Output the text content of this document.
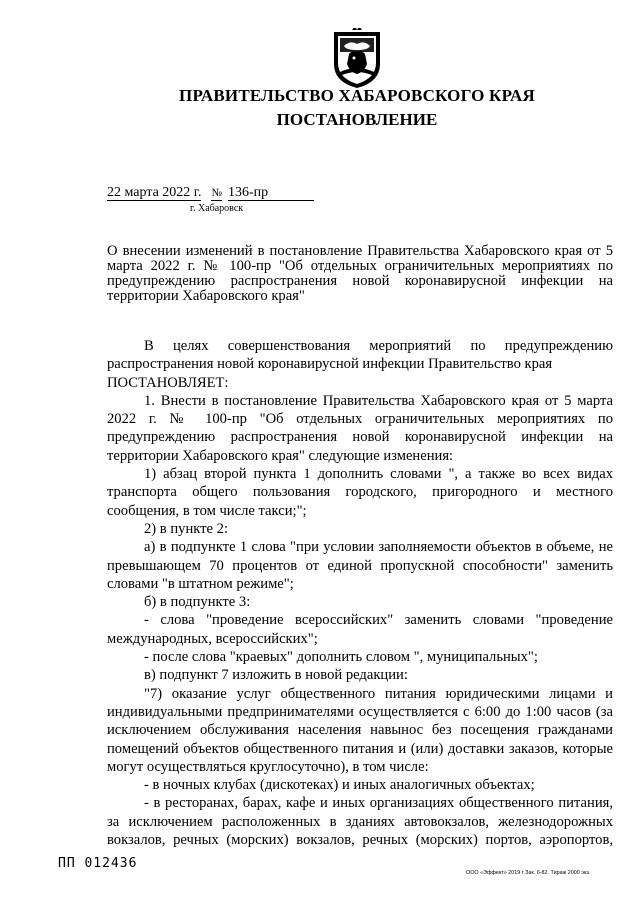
ПРАВИТЕЛЬСТВО ХАБАРОВСКОГО КРАЯ
ПОСТАНОВЛЕНИЕ
22 марта 2022 г. № 136-пр
г. Хабаровск
О внесении изменений в постановление Правительства Хабаровского края от 5 марта 2022 г. № 100-пр "Об отдельных ограничительных мероприятиях по предупреждению распространения новой коронавирусной инфекции на территории Хабаровского края"

В целях совершенствования мероприятий по предупреждению распространения новой коронавирусной инфекции Правительство края

ПОСТАНОВЛЯЕТ:

1. Внести в постановление Правительства Хабаровского края от 5 марта 2022 г. № 100-пр "Об отдельных ограничительных мероприятиях по предупреждению распространения новой коронавирусной инфекции на территории Хабаровского края" следующие изменения:

1) абзац второй пункта 1 дополнить словами ", а также во всех видах транспорта общего пользования городского, пригородного и местного сообщения, в том числе такси;";

2) в пункте 2:

а) в подпункте 1 слова "при условии заполняемости объектов в объеме, не превышающем 70 процентов от единой пропускной способности" заменить словами "в штатном режиме";

б) в подпункте 3:

- слова "проведение всероссийских" заменить словами "проведение международных, всероссийских";

- после слова "краевых" дополнить словом ", муниципальных";

в) подпункт 7 изложить в новой редакции:

"7) оказание услуг общественного питания юридическими лицами и индивидуальными предпринимателями осуществляется с 6:00 до 1:00 часов (за исключением обслуживания населения навынос без посещения гражданами помещений объектов общественного питания и (или) доставки заказов, которые могут осуществляться круглосуточно), в том числе:

- в ночных клубах (дискотеках) и иных аналогичных объектах;

- в ресторанах, барах, кафе и иных организациях общественного питания, за исключением расположенных в зданиях автовокзалов, железнодорожных вокзалов, речных (морских) вокзалов, речных (морских) портов, аэропортов,

ПП 012436
ООО «Эффект» 2019 г Зак. 6-82. Тираж 2000 экз.
